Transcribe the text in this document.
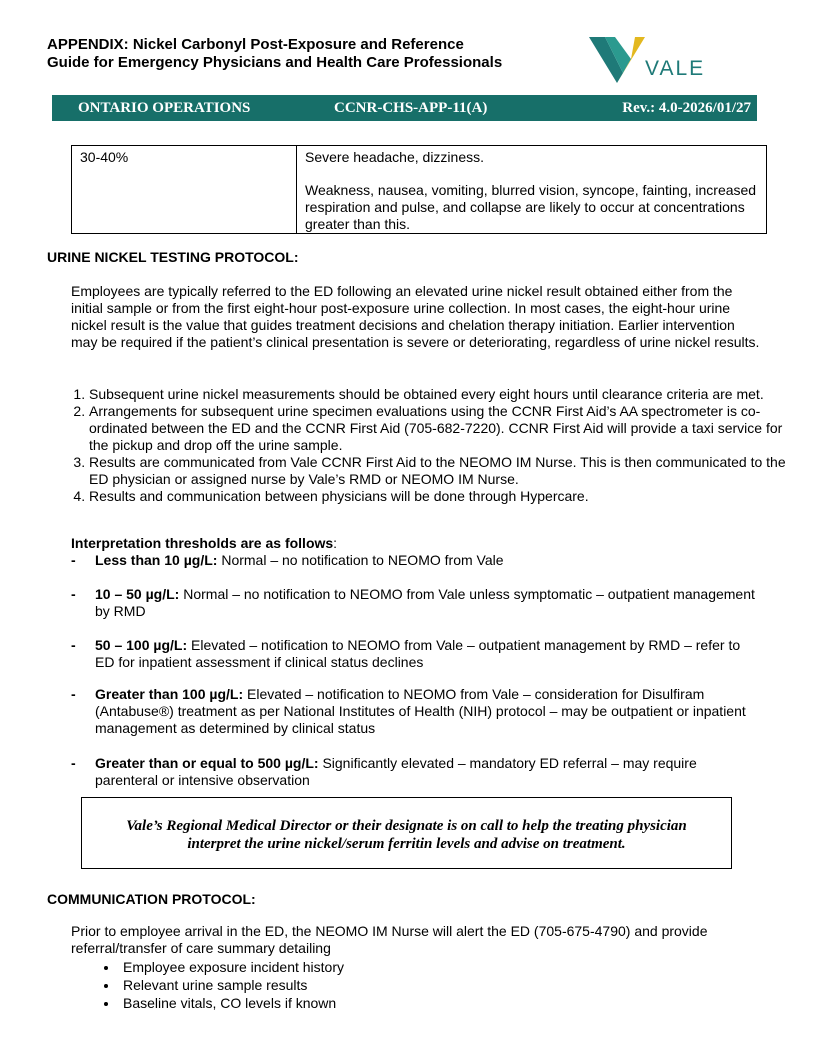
APPENDIX: Nickel Carbonyl Post-Exposure and Reference
Guide for Emergency Physicians and Health Care Professionals	VALE
ONTARIO OPERATIONS	CCNR-CHS-APP-11(A)	Rev.: 4.0-2026/01/27
30-40%	Severe headache, dizziness.
Weakness, nausea, vomiting, blurred vision, syncope, fainting, increased respiration and pulse, and collapse are likely to occur at concentrations greater than this.
URINE NICKEL TESTING PROTOCOL:
Employees are typically referred to the ED following an elevated urine nickel result obtained either from the initial sample or from the first eight-hour post-exposure urine collection. In most cases, the eight-hour urine nickel result is the value that guides treatment decisions and chelation therapy initiation. Earlier intervention may be required if the patient’s clinical presentation is severe or deteriorating, regardless of urine nickel results.
1. Subsequent urine nickel measurements should be obtained every eight hours until clearance criteria are met.
2. Arrangements for subsequent urine specimen evaluations using the CCNR First Aid’s AA spectrometer is co-ordinated between the ED and the CCNR First Aid (705-682-7220). CCNR First Aid will provide a taxi service for the pickup and drop off the urine sample.
3. Results are communicated from Vale CCNR First Aid to the NEOMO IM Nurse. This is then communicated to the ED physician or assigned nurse by Vale’s RMD or NEOMO IM Nurse.
4. Results and communication between physicians will be done through Hypercare.
Interpretation thresholds are as follows:
- Less than 10 µg/L: Normal – no notification to NEOMO from Vale
- 10 – 50 µg/L: Normal – no notification to NEOMO from Vale unless symptomatic – outpatient management by RMD
- 50 – 100 µg/L: Elevated – notification to NEOMO from Vale – outpatient management by RMD – refer to ED for inpatient assessment if clinical status declines
- Greater than 100 µg/L: Elevated – notification to NEOMO from Vale – consideration for Disulfiram (Antabuse®) treatment as per National Institutes of Health (NIH) protocol – may be outpatient or inpatient management as determined by clinical status
- Greater than or equal to 500 µg/L: Significantly elevated – mandatory ED referral – may require parenteral or intensive observation
Vale’s Regional Medical Director or their designate is on call to help the treating physician
interpret the urine nickel/serum ferritin levels and advise on treatment.
COMMUNICATION PROTOCOL:
Prior to employee arrival in the ED, the NEOMO IM Nurse will alert the ED (705-675-4790) and provide referral/transfer of care summary detailing
• Employee exposure incident history
• Relevant urine sample results
• Baseline vitals, CO levels if known
